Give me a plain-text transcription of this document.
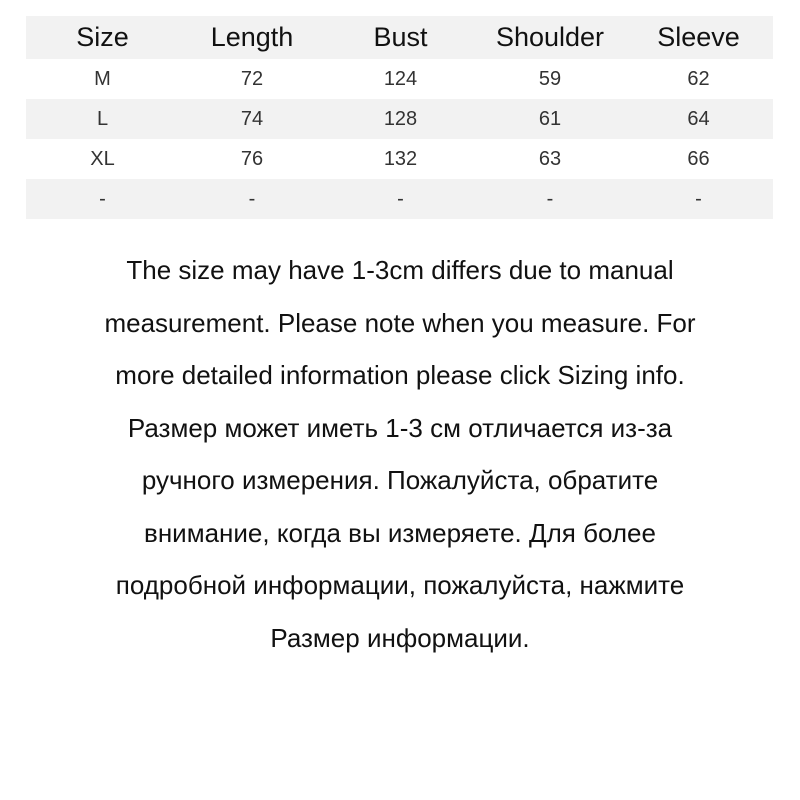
Size	Length	Bust	Shoulder	Sleeve
M	72	124	59	62
L	74	128	61	64
XL	76	132	63	66
-	-	-	-	-

The size may have 1-3cm differs due to manual

measurement. Please note when you measure. For

more detailed information please click Sizing info.

Размер может иметь 1-3 см отличается из-за

ручного измерения. Пожалуйста, обратите

внимание, когда вы измеряете. Для более

подробной информации, пожалуйста, нажмите

Размер информации.
